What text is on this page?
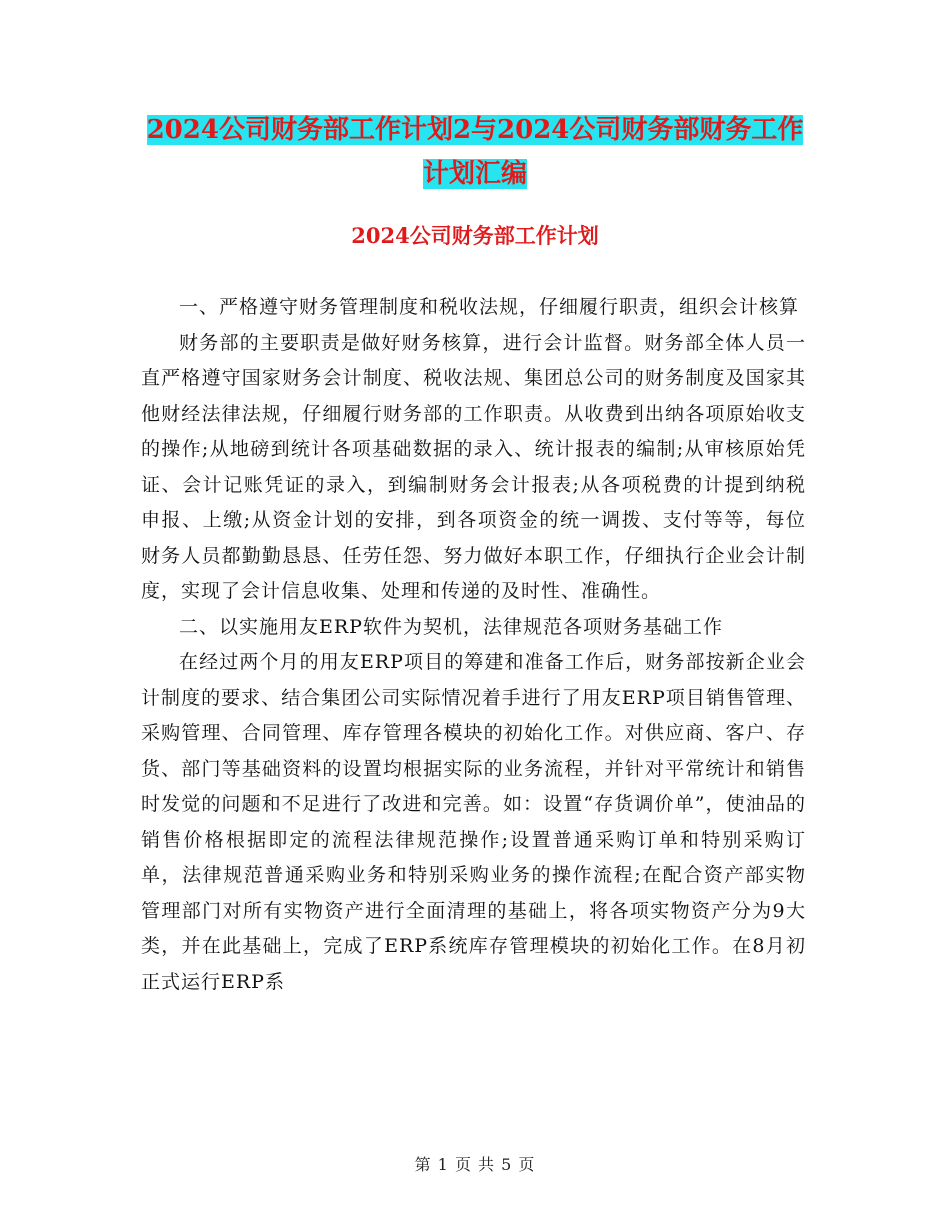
2024公司财务部工作计划2与2024公司财务部财务工作计划汇编
2024公司财务部工作计划

一、严格遵守财务管理制度和税收法规，仔细履行职责，组织会计核算

财务部的主要职责是做好财务核算，进行会计监督。财务部全体人员一直严格遵守国家财务会计制度、税收法规、集团总公司的财务制度及国家其他财经法律法规，仔细履行财务部的工作职责。从收费到出纳各项原始收支的操作;从地磅到统计各项基础数据的录入、统计报表的编制;从审核原始凭证、会计记账凭证的录入，到编制财务会计报表;从各项税费的计提到纳税申报、上缴;从资金计划的安排，到各项资金的统一调拨、支付等等，每位财务人员都勤勤恳恳、任劳任怨、努力做好本职工作，仔细执行企业会计制度，实现了会计信息收集、处理和传递的及时性、准确性。

二、以实施用友ERP软件为契机，法律规范各项财务基础工作

在经过两个月的用友ERP项目的筹建和准备工作后，财务部按新企业会计制度的要求、结合集团公司实际情况着手进行了用友ERP项目销售管理、采购管理、合同管理、库存管理各模块的初始化工作。对供应商、客户、存货、部门等基础资料的设置均根据实际的业务流程，并针对平常统计和销售时发觉的问题和不足进行了改进和完善。如：设置“存货调价单”，使油品的销售价格根据即定的流程法律规范操作;设置普通采购订单和特别采购订单，法律规范普通采购业务和特别采购业务的操作流程;在配合资产部实物管理部门对所有实物资产进行全面清理的基础上，将各项实物资产分为9大类，并在此基础上，完成了ERP系统库存管理模块的初始化工作。在8月初正式运行ERP系

第 1 页 共 5 页
